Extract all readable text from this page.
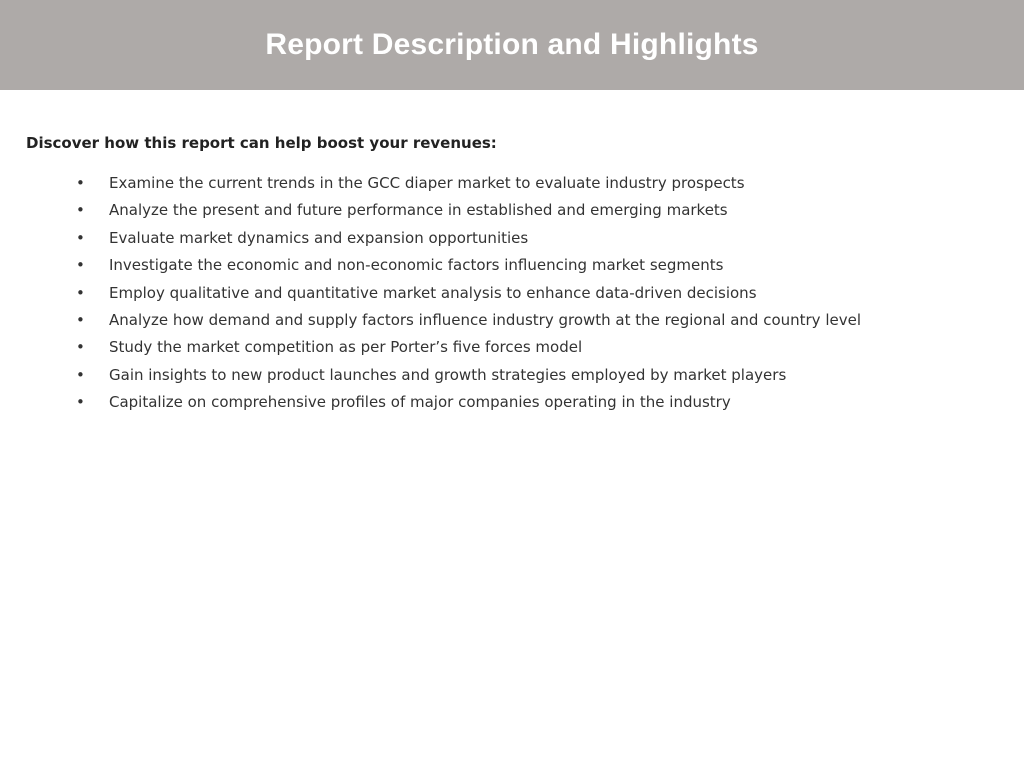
Report Description and Highlights

Discover how this report can help boost your revenues:

•	Examine the current trends in the GCC diaper market to evaluate industry prospects
•	Analyze the present and future performance in established and emerging markets
•	Evaluate market dynamics and expansion opportunities
•	Investigate the economic and non-economic factors influencing market segments
•	Employ qualitative and quantitative market analysis to enhance data-driven decisions
•	Analyze how demand and supply factors influence industry growth at the regional and country level
•	Study the market competition as per Porter’s five forces model
•	Gain insights to new product launches and growth strategies employed by market players
•	Capitalize on comprehensive profiles of major companies operating in the industry
